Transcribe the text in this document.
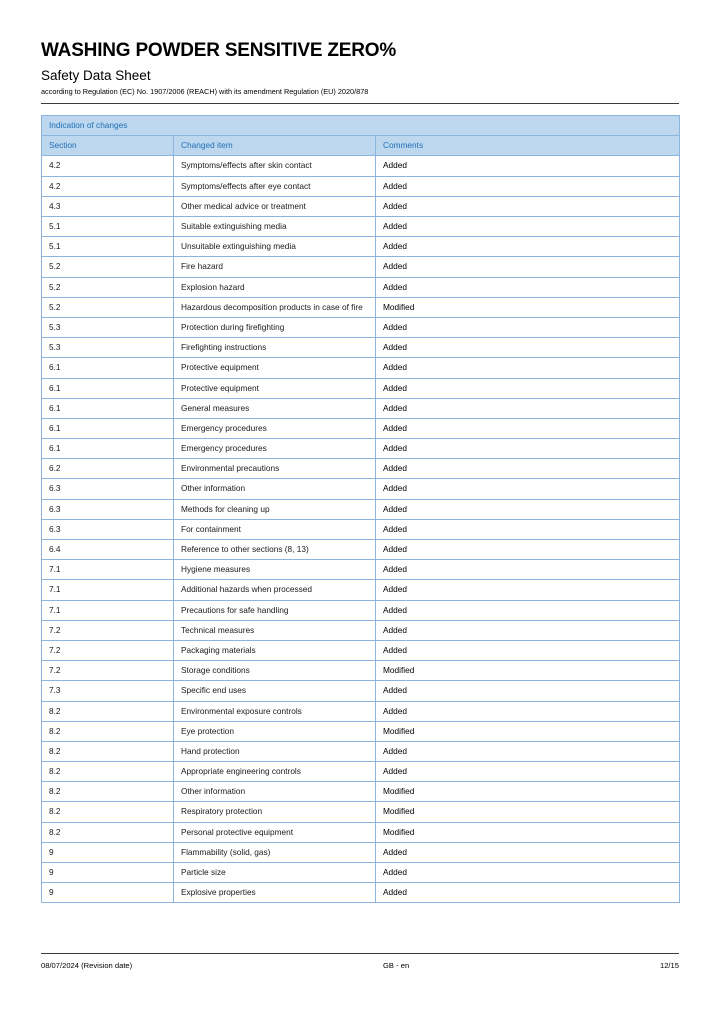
WASHING POWDER SENSITIVE ZERO%
Safety Data Sheet

according to Regulation (EC) No. 1907/2006 (REACH) with its amendment Regulation (EU) 2020/878

Indication of changes		
Section	Changed item	Comments
4.2	Symptoms/effects after skin contact	Added
4.2	Symptoms/effects after eye contact	Added
4.3	Other medical advice or treatment	Added
5.1	Suitable extinguishing media	Added
5.1	Unsuitable extinguishing media	Added
5.2	Fire hazard	Added
5.2	Explosion hazard	Added
5.2	Hazardous decomposition products in case of fire	Modified
5.3	Protection during firefighting	Added
5.3	Firefighting instructions	Added
6.1	Protective equipment	Added
6.1	Protective equipment	Added
6.1	General measures	Added
6.1	Emergency procedures	Added
6.1	Emergency procedures	Added
6.2	Environmental precautions	Added
6.3	Other information	Added
6.3	Methods for cleaning up	Added
6.3	For containment	Added
6.4	Reference to other sections (8, 13)	Added
7.1	Hygiene measures	Added
7.1	Additional hazards when processed	Added
7.1	Precautions for safe handling	Added
7.2	Technical measures	Added
7.2	Packaging materials	Added
7.2	Storage conditions	Modified
7.3	Specific end uses	Added
8.2	Environmental exposure controls	Added
8.2	Eye protection	Modified
8.2	Hand protection	Added
8.2	Appropriate engineering controls	Added
8.2	Other information	Modified
8.2	Respiratory protection	Modified
8.2	Personal protective equipment	Modified
9	Flammability (solid, gas)	Added
9	Particle size	Added
9	Explosive properties	Added
08/07/2024 (Revision date)	GB - en	12/15
